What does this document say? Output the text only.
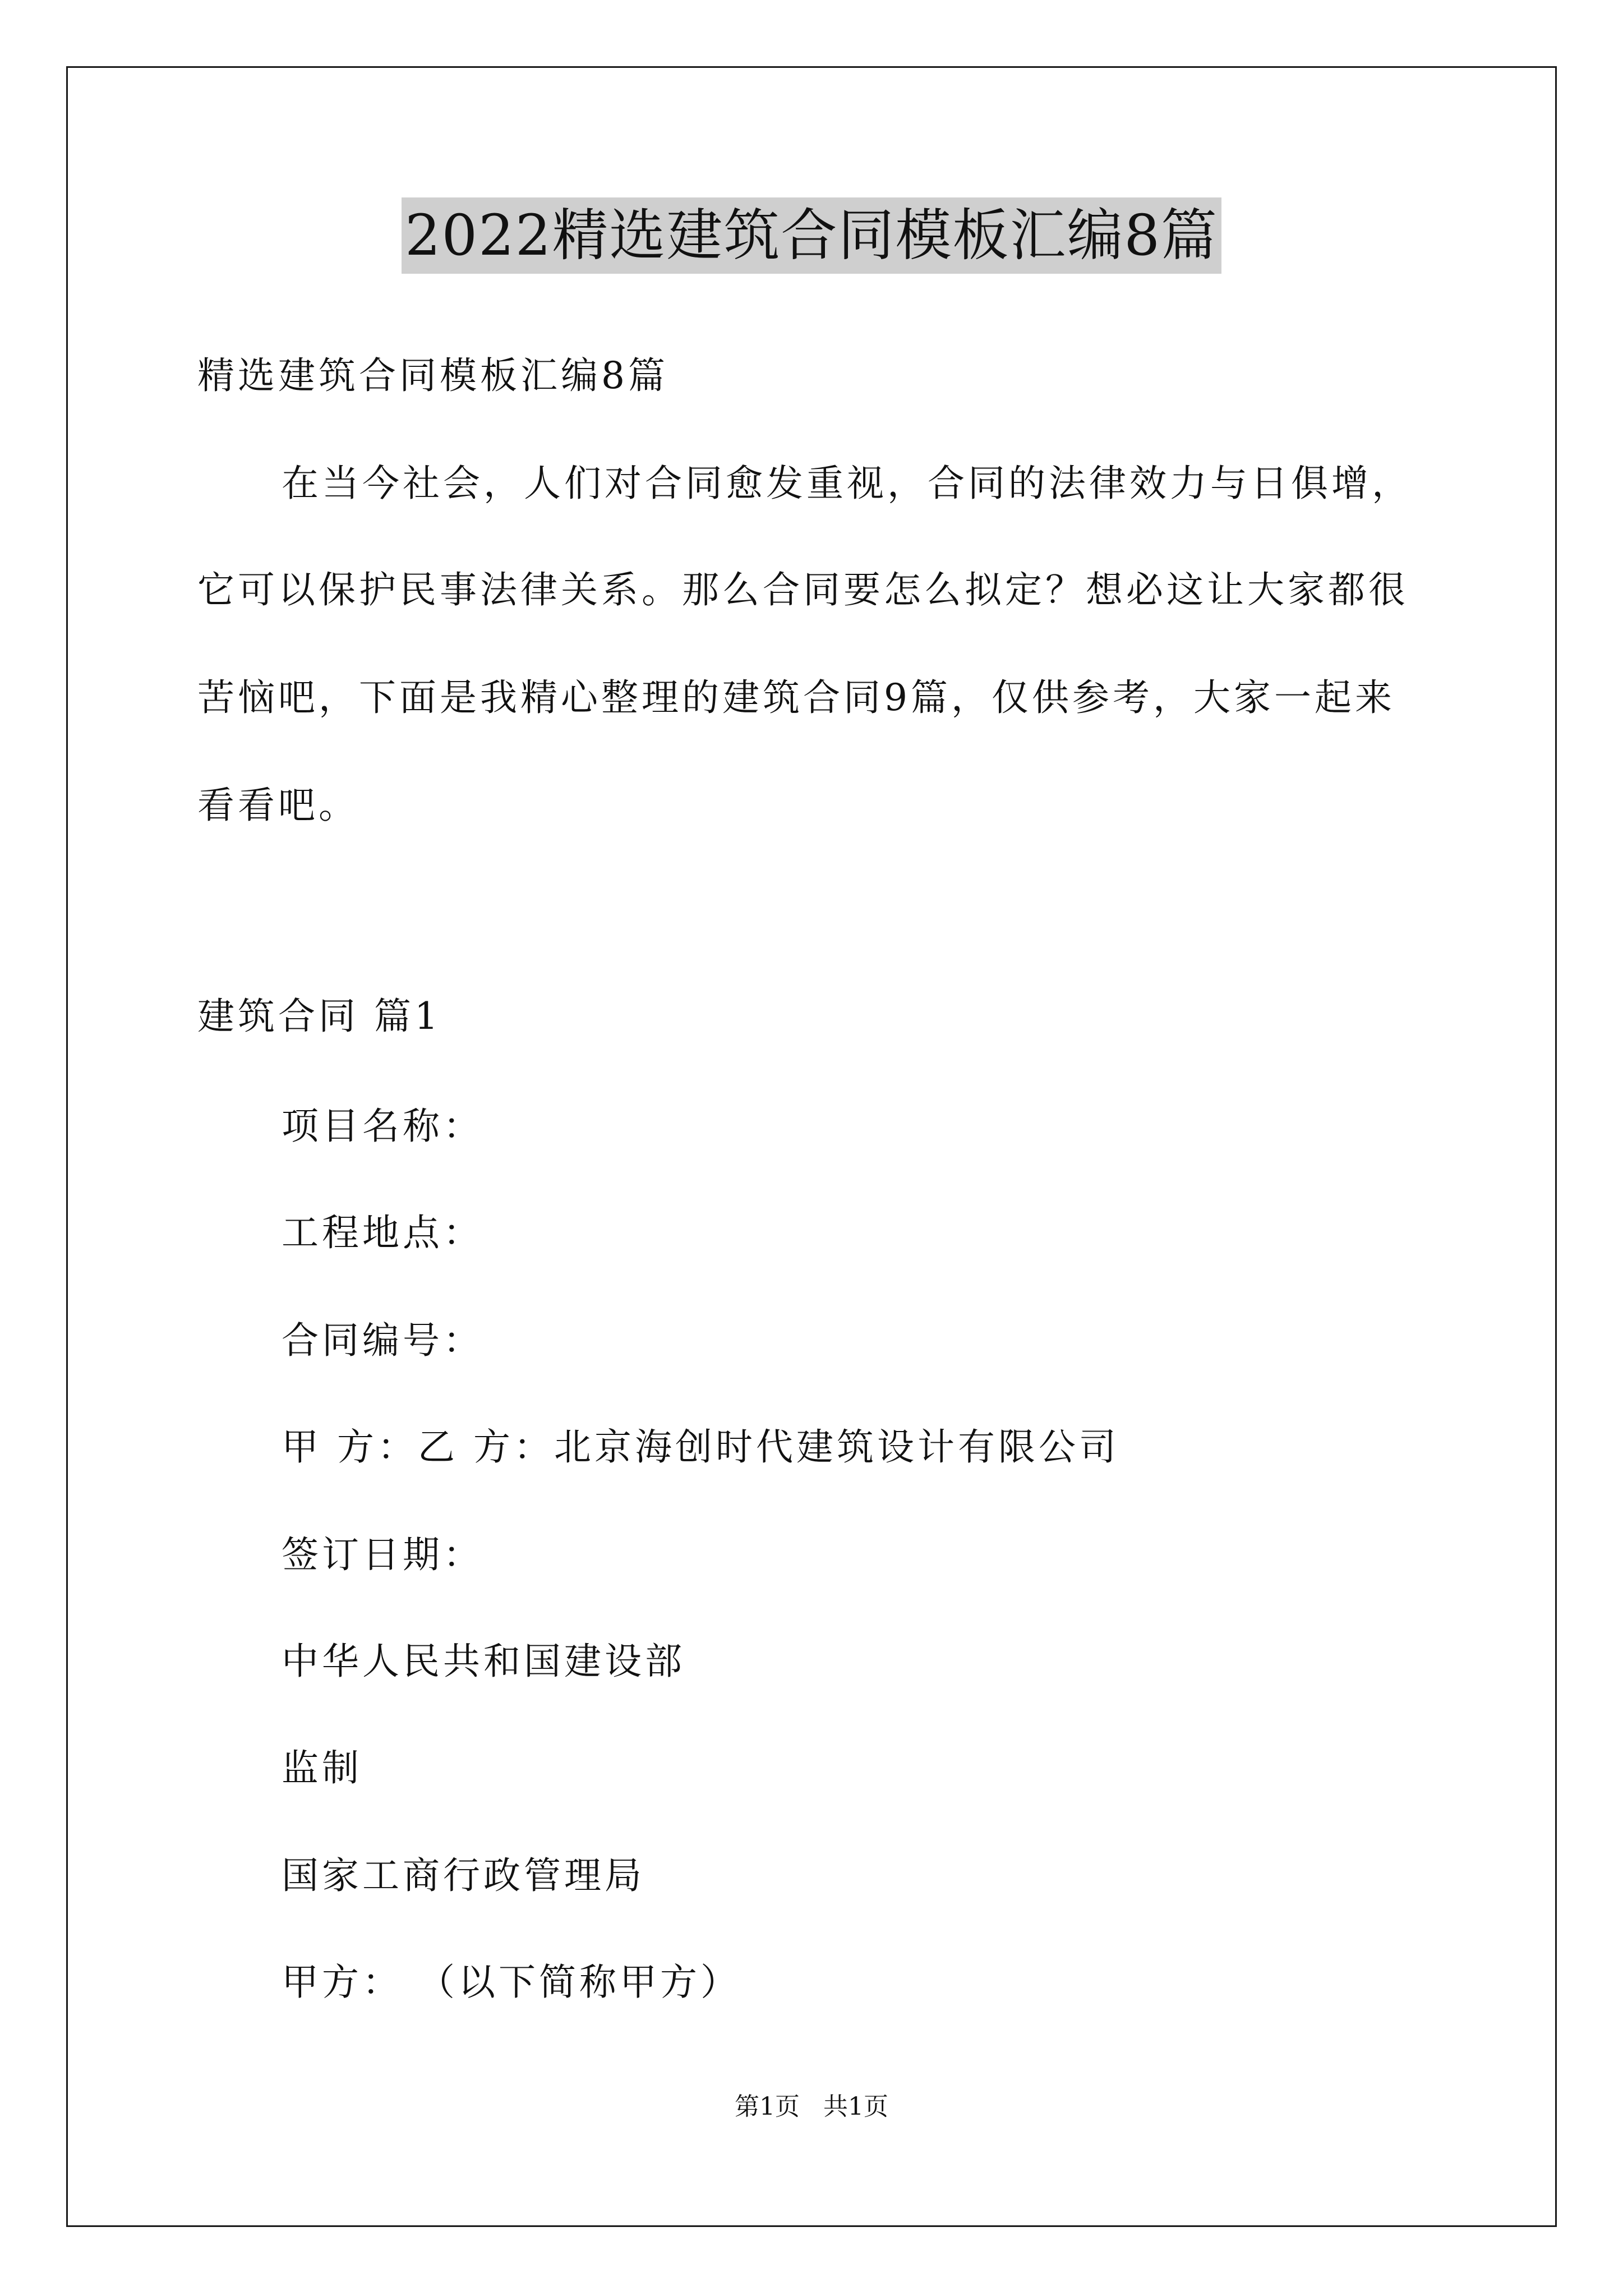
2022精选建筑合同模板汇编8篇
精选建筑合同模板汇编8篇
在当今社会，人们对合同愈发重视，合同的法律效力与日俱增，
它可以保护民事法律关系。那么合同要怎么拟定？想必这让大家都很
苦恼吧，下面是我精心整理的建筑合同9篇，仅供参考，大家一起来
看看吧。
建筑合同 篇1
项目名称：
工程地点：
合同编号：
甲 方：乙 方：北京海创时代建筑设计有限公司
签订日期：
中华人民共和国建设部
监制
国家工商行政管理局
甲方： （以下简称甲方）
第1页   共1页
